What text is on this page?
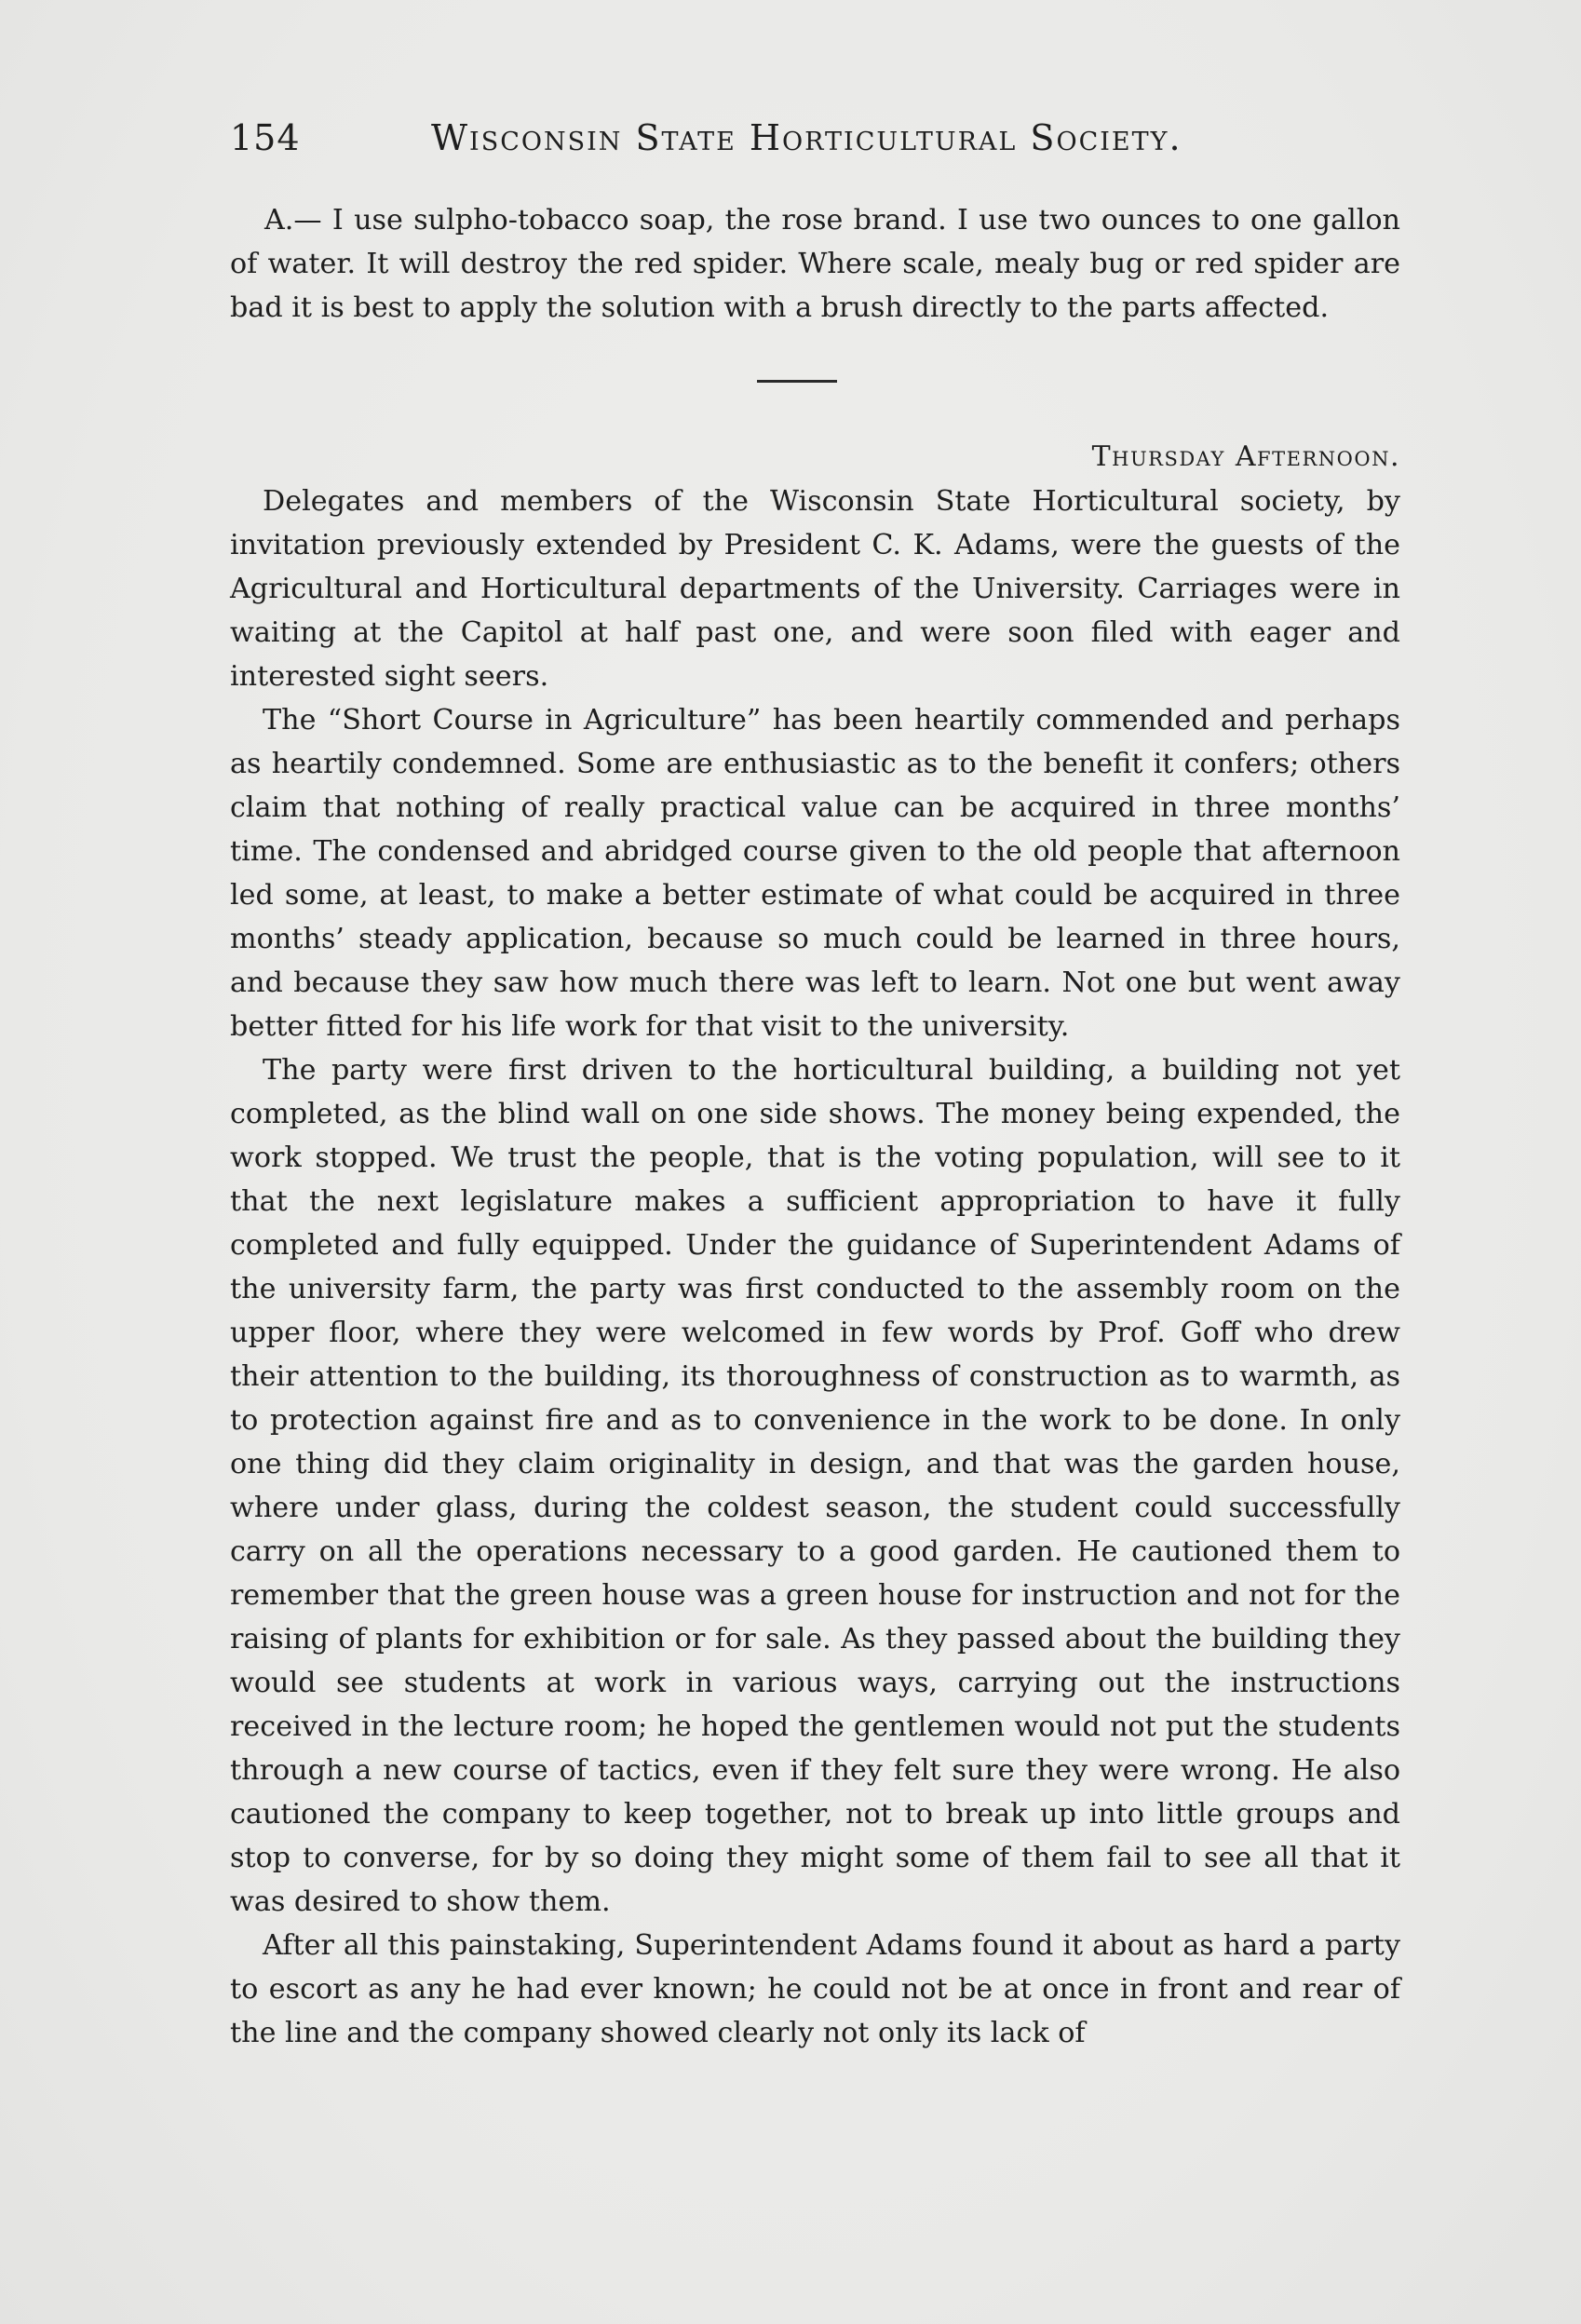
154	Wisconsin State Horticultural Society.

A.— I use sulpho-tobacco soap, the rose brand. I use two ounces to one gallon of water. It will destroy the red spider. Where scale, mealy bug or red spider are bad it is best to apply the solution with a brush directly to the parts affected.

Thursday Afternoon.

Delegates and members of the Wisconsin State Horticultural society, by invitation previously extended by President C. K. Adams, were the guests of the Agricultural and Horticultural departments of the University. Carriages were in waiting at the Capitol at half past one, and were soon filed with eager and interested sight seers.

The “Short Course in Agriculture” has been heartily commended and perhaps as heartily condemned. Some are enthusiastic as to the benefit it confers; others claim that nothing of really practical value can be acquired in three months’ time. The condensed and abridged course given to the old people that afternoon led some, at least, to make a better estimate of what could be acquired in three months’ steady application, because so much could be learned in three hours, and because they saw how much there was left to learn. Not one but went away better fitted for his life work for that visit to the university.

The party were first driven to the horticultural building, a building not yet completed, as the blind wall on one side shows. The money being expended, the work stopped. We trust the people, that is the voting population, will see to it that the next legislature makes a sufficient appropriation to have it fully completed and fully equipped. Under the guidance of Superintendent Adams of the university farm, the party was first conducted to the assembly room on the upper floor, where they were welcomed in few words by Prof. Goff who drew their attention to the building, its thoroughness of construction as to warmth, as to protection against fire and as to convenience in the work to be done. In only one thing did they claim originality in design, and that was the garden house, where under glass, during the coldest season, the student could successfully carry on all the operations necessary to a good garden. He cautioned them to remember that the green house was a green house for instruction and not for the raising of plants for exhibition or for sale. As they passed about the building they would see students at work in various ways, carrying out the instructions received in the lecture room; he hoped the gentlemen would not put the students through a new course of tactics, even if they felt sure they were wrong. He also cautioned the company to keep together, not to break up into little groups and stop to converse, for by so doing they might some of them fail to see all that it was desired to show them.

After all this painstaking, Superintendent Adams found it about as hard a party to escort as any he had ever known; he could not be at once in front and rear of the line and the company showed clearly not only its lack of
